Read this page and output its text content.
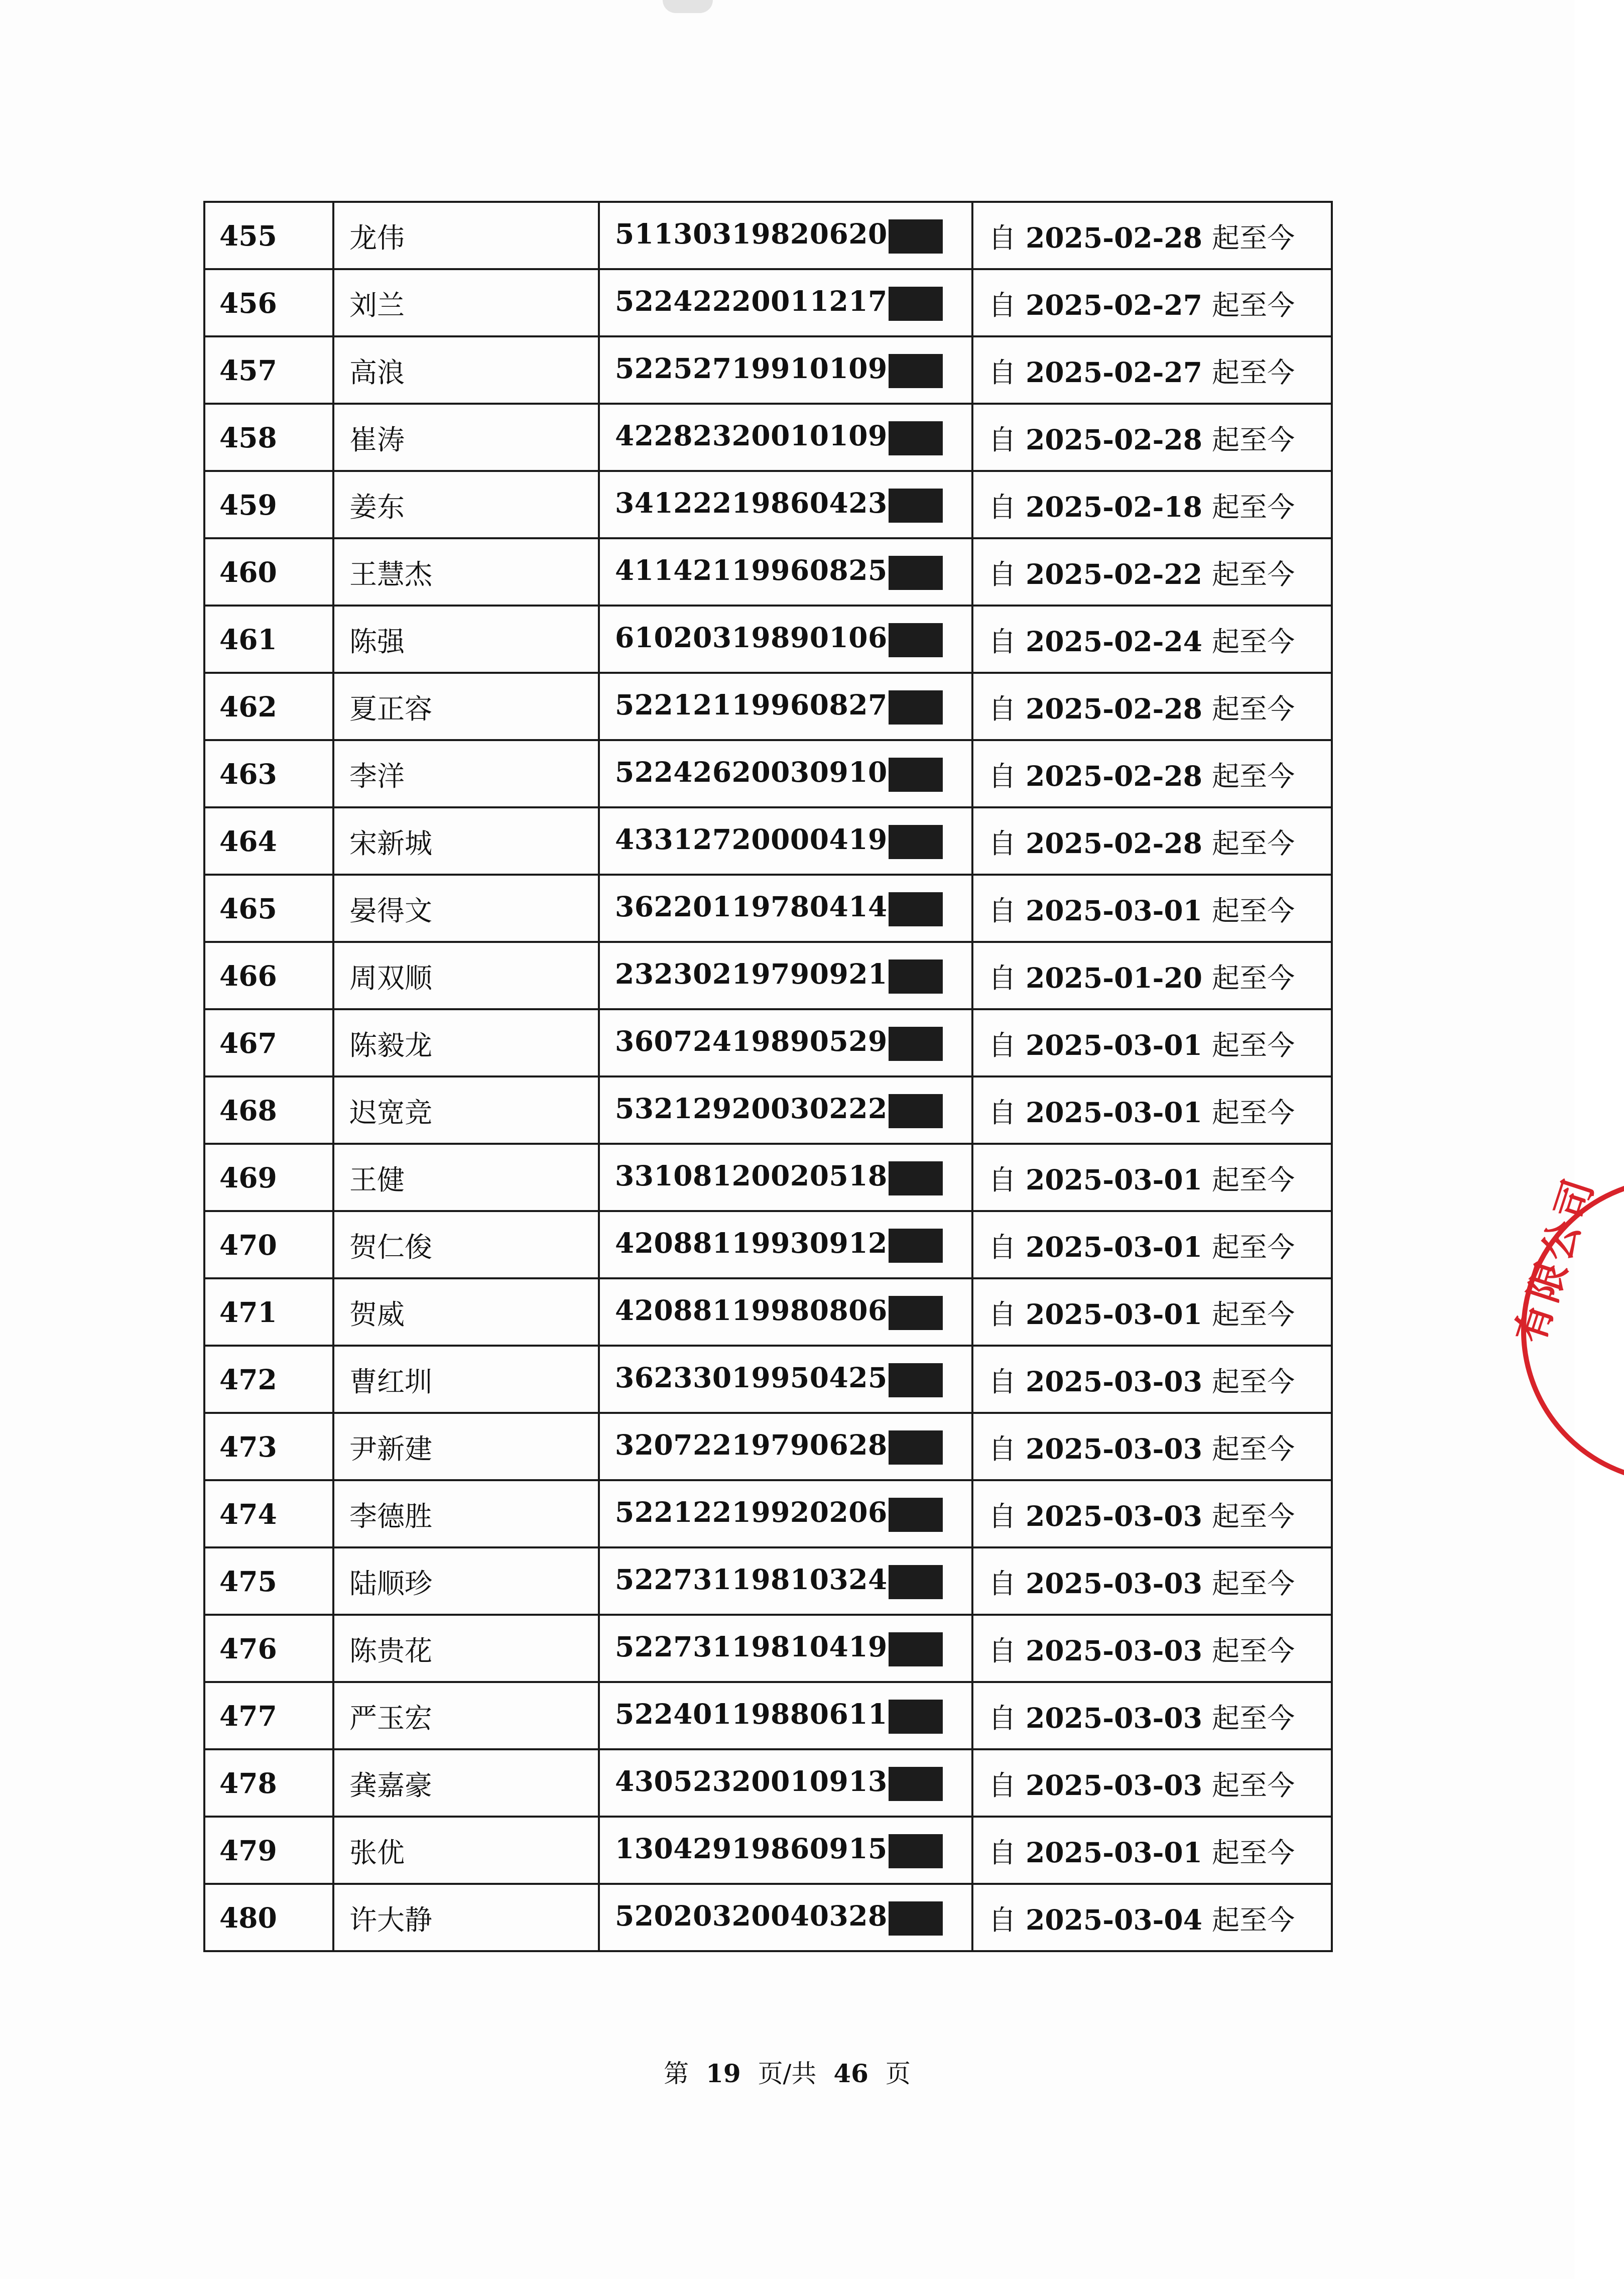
455	龙伟	51130319820620	自 2025-02-28 起至今
456	刘兰	52242220011217	自 2025-02-27 起至今
457	高浪	52252719910109	自 2025-02-27 起至今
458	崔涛	42282320010109	自 2025-02-28 起至今
459	姜东	34122219860423	自 2025-02-18 起至今
460	王慧杰	41142119960825	自 2025-02-22 起至今
461	陈强	61020319890106	自 2025-02-24 起至今
462	夏正容	52212119960827	自 2025-02-28 起至今
463	李洋	52242620030910	自 2025-02-28 起至今
464	宋新城	43312720000419	自 2025-02-28 起至今
465	晏得文	36220119780414	自 2025-03-01 起至今
466	周双顺	23230219790921	自 2025-01-20 起至今
467	陈毅龙	36072419890529	自 2025-03-01 起至今
468	迟宽竞	53212920030222	自 2025-03-01 起至今
469	王健	33108120020518	自 2025-03-01 起至今
470	贺仁俊	42088119930912	自 2025-03-01 起至今
471	贺威	42088119980806	自 2025-03-01 起至今
472	曹红圳	36233019950425	自 2025-03-03 起至今
473	尹新建	32072219790628	自 2025-03-03 起至今
474	李德胜	52212219920206	自 2025-03-03 起至今
475	陆顺珍	52273119810324	自 2025-03-03 起至今
476	陈贵花	52273119810419	自 2025-03-03 起至今
477	严玉宏	52240119880611	自 2025-03-03 起至今
478	龚嘉豪	43052320010913	自 2025-03-03 起至今
479	张优	13042919860915	自 2025-03-01 起至今
480	许大静	52020320040328	自 2025-03-04 起至今
第 19 页/共 46 页
有限公司
